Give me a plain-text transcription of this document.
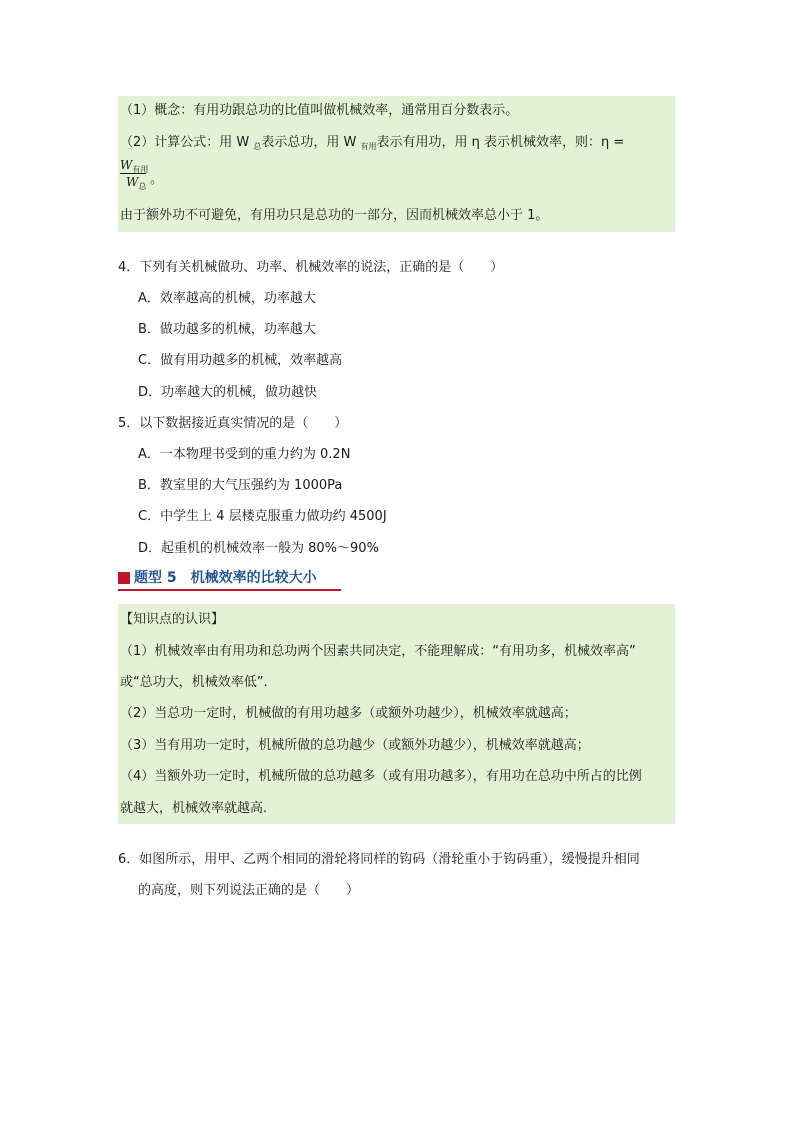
（1）概念：有用功跟总功的比值叫做机械效率，通常用百分数表示。
（2）计算公式：用 W $_总$表示总功，用 W $_{有用}$表示有用功，用 η 表示机械效率，则：η =
$W_{有用}$
$W_总$ 。
由于额外功不可避免，有用功只是总功的一部分，因而机械效率总小于 1。
4．下列有关机械做功、功率、机械效率的说法，正确的是（　　）
A．效率越高的机械，功率越大
B．做功越多的机械，功率越大
C．做有用功越多的机械，效率越高
D．功率越大的机械，做功越快
5．以下数据接近真实情况的是（　　）
A．一本物理书受到的重力约为 0.2N
B．教室里的大气压强约为 1000Pa
C．中学生上 4 层楼克服重力做功约 4500J
D．起重机的机械效率一般为 80%～90%
题型 5　机械效率的比较大小
【知识点的认识】
（1）机械效率由有用功和总功两个因素共同决定，不能理解成：“有用功多，机械效率高”
或“总功大，机械效率低”.
（2）当总功一定时，机械做的有用功越多（或额外功越少），机械效率就越高；
（3）当有用功一定时，机械所做的总功越少（或额外功越少），机械效率就越高；
（4）当额外功一定时，机械所做的总功越多（或有用功越多），有用功在总功中所占的比例
就越大，机械效率就越高.
6．如图所示，用甲、乙两个相同的滑轮将同样的钩码（滑轮重小于钩码重），缓慢提升相同
的高度，则下列说法正确的是（　　）
